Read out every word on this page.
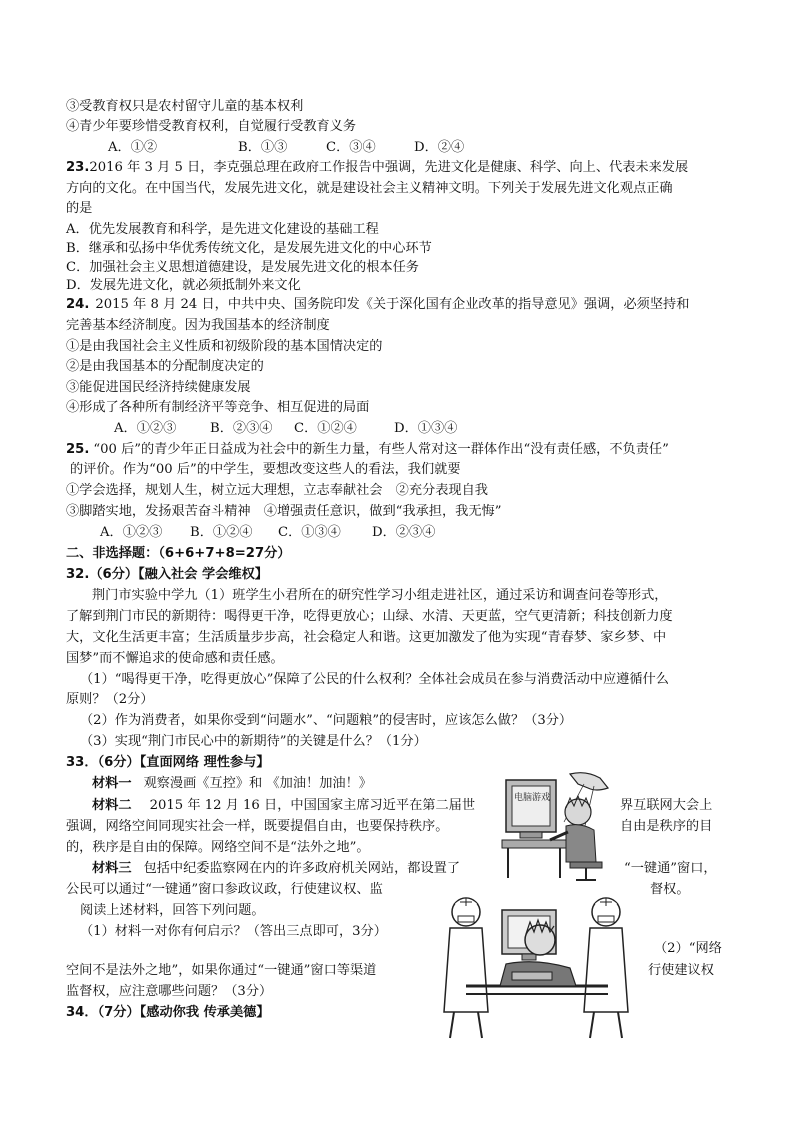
③受教育权只是农村留守儿童的基本权利
④青少年要珍惜受教育权利，自觉履行受教育义务
A．①②	B．①③	C．③④	D．②④
23.2016 年 3 月 5 日，李克强总理在政府工作报告中强调，先进文化是健康、科学、向上、代表未来发展
方向的文化。在中国当代，发展先进文化，就是建设社会主义精神文明。下列关于发展先进文化观点正确
的是
A．优先发展教育和科学，是先进文化建设的基础工程
B．继承和弘扬中华优秀传统文化，是发展先进文化的中心环节
C．加强社会主义思想道德建设，是发展先进文化的根本任务
D．发展先进文化，就必须抵制外来文化
24. 2015 年 8 月 24 日，中共中央、国务院印发《关于深化国有企业改革的指导意见》强调，必须坚持和
完善基本经济制度。因为我国基本的经济制度
①是由我国社会主义性质和初级阶段的基本国情决定的
②是由我国基本的分配制度决定的
③能促进国民经济持续健康发展
④形成了各种所有制经济平等竞争、相互促进的局面
A．①②③	B．②③④ C．①②④	D．①③④
25. “00 后”的青少年正日益成为社会中的新生力量，有些人常对这一群体作出“没有责任感，不负责任”
的评价。作为“00 后”的中学生，要想改变这些人的看法，我们就要
①学会选择，规划人生，树立远大理想，立志奉献社会　②充分表现自我
③脚踏实地，发扬艰苦奋斗精神　④增强责任意识，做到“我承担，我无悔”
A．①②③ B．①②④ C．①③④ D．②③④
二、非选择题：（6+6+7+8=27分）
32.（6分）【融入社会 学会维权】
荆门市实验中学九（1）班学生小君所在的研究性学习小组走进社区，通过采访和调查问卷等形式，
了解到荆门市民的新期待：喝得更干净，吃得更放心；山绿、水清、天更蓝，空气更清新；科技创新力度
大，文化生活更丰富；生活质量步步高，社会稳定人和谐。这更加激发了他为实现“青春梦、家乡梦、中
国梦”而不懈追求的使命感和责任感。
（1）“喝得更干净，吃得更放心”保障了公民的什么权利？全体社会成员在参与消费活动中应遵循什么
原则？（2分）
（2）作为消费者，如果你受到“问题水”、“问题粮”的侵害时，应该怎么做？（3分）
（3）实现“荆门市民心中的新期待”的关键是什么？（1分）
33．（6分）【直面网络 理性参与】
材料一 观察漫画《互控》和 《加油！加油！》
材料二 2015 年 12 月 16 日，中国国家主席习近平在第二届世	界互联网大会上
强调，网络空间同现实社会一样，既要提倡自由，也要保持秩序。	自由是秩序的目
的，秩序是自由的保障。网络空间不是“法外之地”。
材料三 包括中纪委监察网在内的许多政府机关网站，都设置了	“一键通”窗口，
公民可以通过“一键通”窗口参政议政，行使建议权、监	督权。
阅读上述材料，回答下列问题。
（1）材料一对你有何启示？（答出三点即可，3分）
（2）“网络
空间不是法外之地”，如果你通过“一键通”窗口等渠道	行使建议权
监督权，应注意哪些问题？（3分）
34．（7分）【感动你我 传承美德】
电脑游戏
